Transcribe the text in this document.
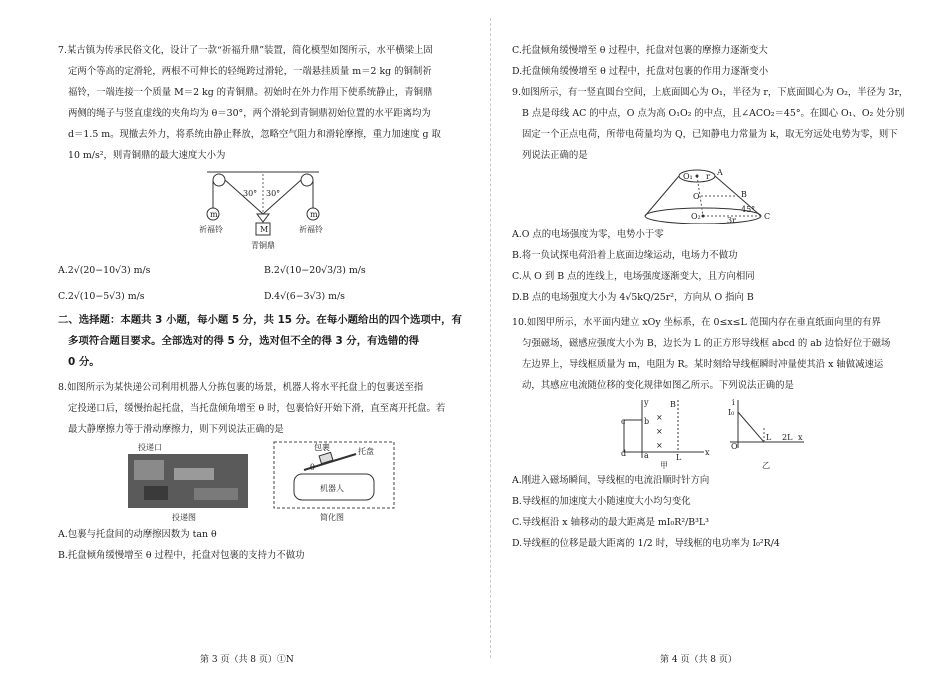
7.某古镇为传承民俗文化，设计了一款“祈福升鼎”装置，简化模型如图所示，水平横梁上固
定两个等高的定滑轮，两根不可伸长的轻绳跨过滑轮，一端悬挂质量 m＝2 kg 的铜制祈
福铃，一端连接一个质量 M＝2 kg 的青铜鼎。初始时在外力作用下使系统静止，青铜鼎
两侧的绳子与竖直虚线的夹角均为 θ＝30°，两个滑轮到青铜鼎初始位置的水平距离均为
d＝1.5 m。现撤去外力，将系统由静止释放，忽略空气阻力和滑轮摩擦，重力加速度 g 取
10 m/s²，则青铜鼎的最大速度大小为
m	m
30° 30°
M
祈福铃	祈福铃
青铜鼎
A.2√(20−10√3) m/s	B.2√(10−20√3/3) m/s
C.2√(10−5√3) m/s	D.4√(6−3√3) m/s
二、选择题：本题共 3 小题，每小题 5 分，共 15 分。在每小题给出的四个选项中，有
多项符合题目要求。全部选对的得 5 分，选对但不全的得 3 分，有选错的得
0 分。
8.如图所示为某快递公司利用机器人分拣包裹的场景，机器人将水平托盘上的包裹送至指
定投递口后，缓慢抬起托盘，当托盘倾角增至 θ 时，包裹恰好开始下滑，直至离开托盘。若
最大静摩擦力等于滑动摩擦力，则下列说法正确的是
投递口
投递图
机器人
包裹	托盘
θ
简化图
A.包裹与托盘间的动摩擦因数为 tan θ
B.托盘倾角缓慢增至 θ 过程中，托盘对包裹的支持力不做功
C.托盘倾角缓慢增至 θ 过程中，托盘对包裹的摩擦力逐渐变大
D.托盘倾角缓慢增至 θ 过程中，托盘对包裹的作用力逐渐变小
9.如图所示，有一竖直圆台空间，上底面圆心为 O₁，半径为 r，下底面圆心为 O₂，半径为 3r，
B 点是母线 AC 的中点，O 点为高 O₁O₂ 的中点，且∠ACO₂＝45°。在圆心 O₁、O₂ 处分别
固定一个正点电荷，所带电荷量均为 Q，已知静电力常量为 k，取无穷远处电势为零，则下
列说法正确的是
O₁ r A
O	B
45°
C
O₂	3r
A.O 点的电场强度为零，电势小于零
B.将一负试探电荷沿着上底面边缘运动，电场力不做功
C.从 O 到 B 点的连线上，电场强度逐渐变大，且方向相同
D.B 点的电场强度大小为 4√5kQ/25r²，方向从 O 指向 B
10.如图甲所示，水平面内建立 xOy 坐标系，在 0≤x≤L 范围内存在垂直纸面向里的有界
匀强磁场，磁感应强度大小为 B，边长为 L 的正方形导线框 abcd 的 ab 边恰好位于磁场
左边界上，导线框质量为 m，电阻为 R。某时刻给导线框瞬时冲量使其沿 x 轴做减速运
动，其感应电流随位移的变化规律如图乙所示。下列说法正确的是
×
×
×
y	B
c b
d a	L
x
甲
i
I₀
O
L 2L x
乙
A.刚进入磁场瞬间，导线框的电流沿顺时针方向
B.导线框的加速度大小随速度大小均匀变化
C.导线框沿 x 轴移动的最大距离是 mI₀R²/B³L³
D.导线框的位移是最大距离的 1/2 时，导线框的电功率为 I₀²R/4
第 3 页（共 8 页）①N	第 4 页（共 8 页）
